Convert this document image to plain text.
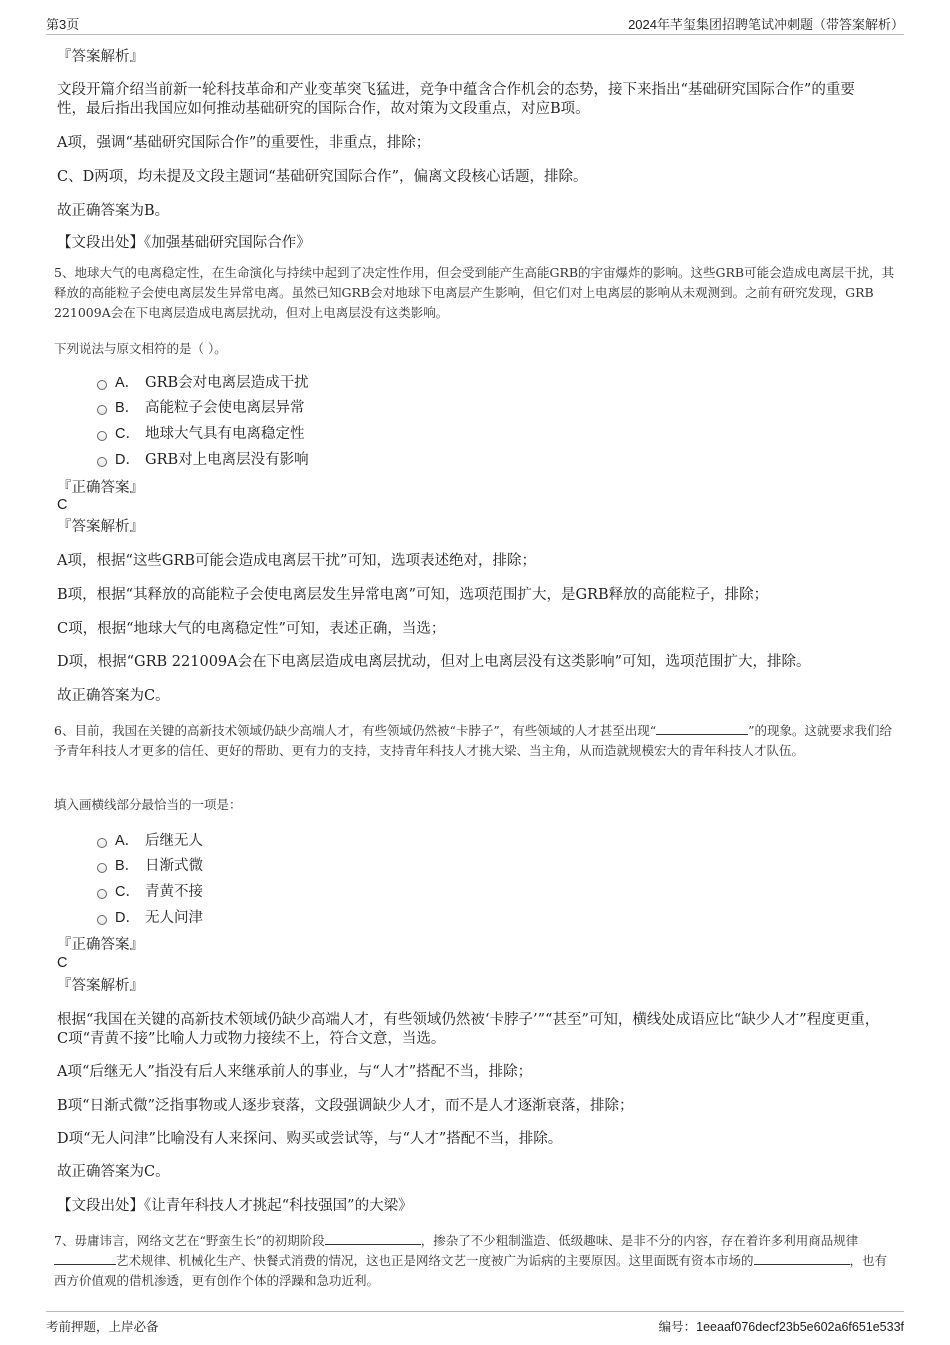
第3页	2024年芊玺集团招聘笔试冲刺题（带答案解析）
『答案解析』
文段开篇介绍当前新一轮科技革命和产业变革突飞猛进，竞争中蕴含合作机会的态势，接下来指出“基础研究国际合作”的重要性，最后指出我国应如何推动基础研究的国际合作，故对策为文段重点，对应B项。
A项，强调“基础研究国际合作”的重要性，非重点，排除；
C、D两项，均未提及文段主题词“基础研究国际合作”，偏离文段核心话题，排除。
故正确答案为B。
【文段出处】《加强基础研究国际合作》
5、地球大气的电离稳定性，在生命演化与持续中起到了决定性作用，但会受到能产生高能GRB的宇宙爆炸的影响。这些GRB可能会造成电离层干扰，其释放的高能粒子会使电离层发生异常电离。虽然已知GRB会对地球下电离层产生影响，但它们对上电离层的影响从未观测到。之前有研究发现，GRB 221009A会在下电离层造成电离层扰动，但对上电离层没有这类影响。
下列说法与原文相符的是（ ）。
A． GRB会对电离层造成干扰
B． 高能粒子会使电离层异常
C． 地球大气具有电离稳定性
D． GRB对上电离层没有影响
『正确答案』
C
『答案解析』
A项，根据“这些GRB可能会造成电离层干扰”可知，选项表述绝对，排除；
B项，根据“其释放的高能粒子会使电离层发生异常电离”可知，选项范围扩大，是GRB释放的高能粒子，排除；
C项，根据“地球大气的电离稳定性”可知，表述正确，当选；
D项，根据“GRB 221009A会在下电离层造成电离层扰动，但对上电离层没有这类影响”可知，选项范围扩大，排除。
故正确答案为C。
6、目前，我国在关键的高新技术领域仍缺少高端人才，有些领域仍然被“卡脖子”，有些领域的人才甚至出现“	”的现象。这就要求我们给予青年科技人才更多的信任、更好的帮助、更有力的支持，支持青年科技人才挑大梁、当主角，从而造就规模宏大的青年科技人才队伍。
填入画横线部分最恰当的一项是：
A． 后继无人
B． 日渐式微
C． 青黄不接
D． 无人问津
『正确答案』
C
『答案解析』
根据“我国在关键的高新技术领域仍缺少高端人才，有些领域仍然被‘卡脖子’”“甚至”可知，横线处成语应比“缺少人才”程度更重，C项“青黄不接”比喻人力或物力接续不上，符合文意，当选。
A项“后继无人”指没有后人来继承前人的事业，与“人才”搭配不当，排除；
B项“日渐式微”泛指事物或人逐步衰落，文段强调缺少人才，而不是人才逐渐衰落，排除；
D项“无人问津”比喻没有人来探问、购买或尝试等，与“人才”搭配不当，排除。
故正确答案为C。
【文段出处】《让青年科技人才挑起“科技强国”的大梁》
7、毋庸讳言，网络文艺在“野蛮生长”的初期阶段	，掺杂了不少粗制滥造、低级趣味、是非不分的内容，存在着许多利用商品规律艺术规律、机械化生产、快餐式消费的情况，这也正是网络文艺一度被广为诟病的主要原因。这里面既有资本市场的	，也有西方价值观的借机渗透，更有创作个体的浮躁和急功近利。
考前押题，上岸必备	编号：1eeaaf076decf23b5e602a6f651e533f
